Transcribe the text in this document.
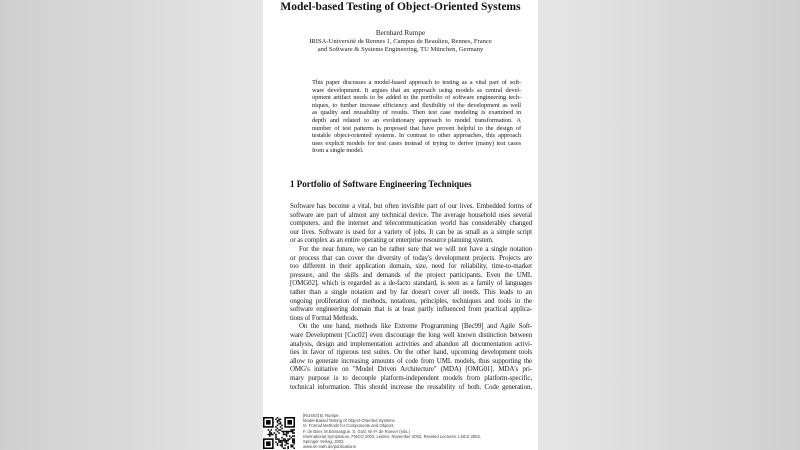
Model-based Testing of Object-Oriented Systems
Bernhard Rumpe
IRISA-Université de Rennes 1, Campus de Beaulieu, Rennes, France
and Software & Systems Engineering, TU München, Germany
This paper discusses a model-based approach to testing as a vital part of soft-
ware development. It argues that an approach using models as central devel-
opment artifact needs to be added to the portfolio of software engineering tech-
niques, to further increase efficiency and flexibility of the development as well
as quality and reusability of results. Then test case modeling is examined in
depth and related to an evolutionary approach to model transformation. A
number of test patterns is proposed that have proven helpful to the design of
testable object-oriented systems. In contrast to other approaches, this approach
uses explicit models for test cases instead of trying to derive (many) test cases
from a single model.
1 Portfolio of Software Engineering Techniques
Software has become a vital, but often invisible part of our lives. Embedded forms of
software are part of almost any technical device. The average household uses several
computers, and the internet and telecommunication world has considerably changed
our lives. Software is used for a variety of jobs. It can be as small as a simple script
or as complex as an entire operating or enterprise resource planning system.
For the near future, we can be rather sure that we will not have a single notation
or process that can cover the diversity of today's development projects. Projects are
too different in their application domain, size, need for reliability, time-to-market
pressure, and the skills and demands of the project participants. Even the UML
[OMG02], which is regarded as a de-facto standard, is seen as a family of languages
rather than a single notation and by far doesn't cover all needs. This leads to an
ongoing proliferation of methods, notations, principles, techniques and tools in the
software engineering domain that is at least partly influenced from practical applica-
tions of Formal Methods.
On the one hand, methods like Extreme Programming [Bec99] and Agile Soft-
ware Development [Coc02] even discourage the long well known distinction between
analysis, design and implementation activities and abandon all documentation activi-
ties in favor of rigorous test suites. On the other hand, upcoming development tools
allow to generate increasing amounts of code from UML models, thus supporting the
OMG's initiative on "Model Driven Architecture" (MDA) [OMG01]. MDA's pri-
mary purpose is to decouple platform-independent models from platform-specific,
technical information. This should increase the reusability of both. Code generation,
[Rum03] B. Rumpe.
Model-Based Testing of Object-Oriented Systems.
In: Formal Methods for Components and Objects
F. de Boer, M.Bonsangue, S. Graf, W.-P. de Roever (eds.)
International Symposium, FMCO 2002, Leiden, November 2002, Revised Lectures. LNCS 2852,
Springer Verlag, 2003.
www.se-rwth.de/publications
